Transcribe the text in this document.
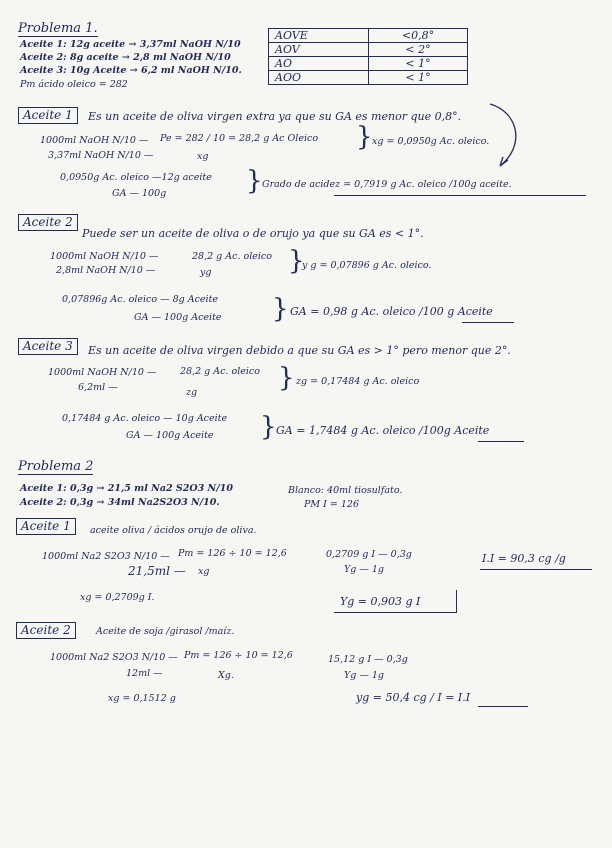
Problema 1.
Aceite 1: 12g aceite → 3,37ml NaOH N/10
Aceite 2: 8g aceite → 2,8 ml NaOH N/10
Aceite 3: 10g Aceite → 6,2 ml NaOH N/10.
Pm ácido oleico = 282
AOVE	<0,8°
AOV	< 2°
AO	< 1°
AOO	< 1°
Aceite 1	Es un aceite de oliva virgen extra ya que su GA es menor que 0,8°.
1000ml NaOH N/10 — Pe = 282 / 10 = 28,2 g Ac Oleico
3,37ml NaOH N/10 —	xg
} xg = 0,0950g Ac. oleico.
0,0950g Ac. oleico —12g aceite
GA — 100g	} Grado de acidez = 0,7919 g Ac. oleico /100g aceite.
Aceite 2
Puede ser un aceite de oliva o de orujo ya que su GA es < 1°.
1000ml NaOH N/10 —	28,2 g Ac. oleico
2,8ml NaOH N/10 —	yg	}
y g = 0,07896 g Ac. oleico.
0,07896g Ac. oleico — 8g Aceite
GA — 100g Aceite } GA = 0,98 g Ac. oleico /100 g Aceite
Aceite 3	Es un aceite de oliva virgen debido a que su GA es > 1° pero menor que 2°.
1000ml NaOH N/10 — 28,2 g Ac. oleico
6,2ml —	zg	} zg = 0,17484 g Ac. oleico
0,17484 g Ac. oleico — 10g Aceite
GA — 100g Aceite } GA = 1,7484 g Ac. oleico /100g Aceite
Problema 2
Aceite 1: 0,3g → 21,5 ml Na2 S2O3 N/10
Aceite 2: 0,3g → 34ml Na2S2O3 N/10.
Blanco: 40ml tiosulfato.
PM I = 126
Aceite 1	aceite oliva / ácidos orujo de oliva.
1000ml Na2 S2O3 N/10 — Pm = 126 ÷ 10 = 12,6
21,5ml — xg
xg = 0,2709g I.
0,2709 g I — 0,3g
Yg — 1g
I.I = 90,3 cg /g
Yg = 0,903 g I
Aceite 2	Aceite de soja /girasol /maíz.
1000ml Na2 S2O3 N/10 — Pm = 126 ÷ 10 = 12,6
12ml —	Xg.
xg = 0,1512 g
15,12 g I — 0,3g
Yg — 1g
yg = 50,4 cg / I = I.I
